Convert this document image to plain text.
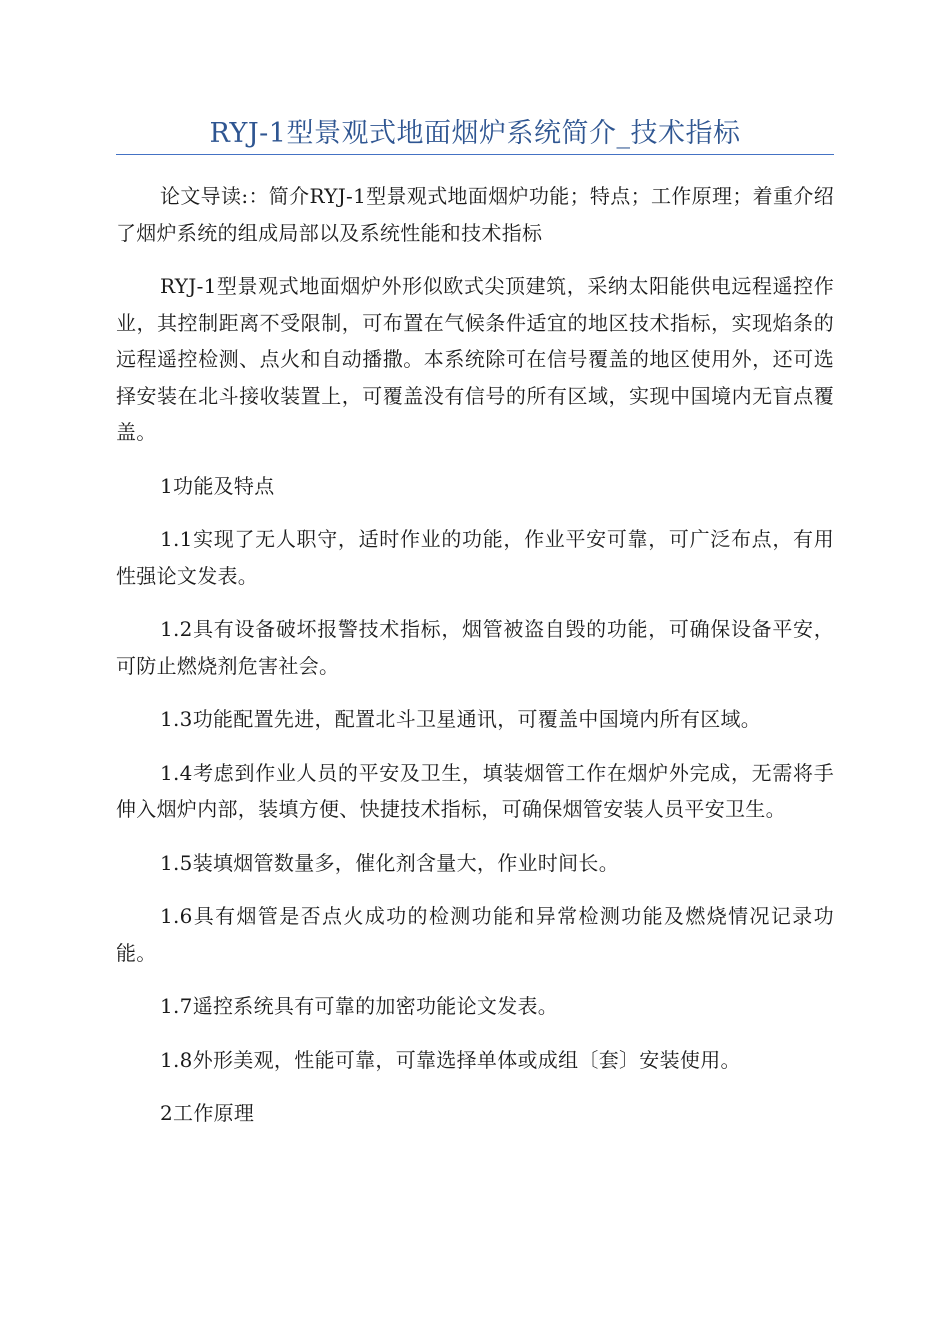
RYJ-1型景观式地面烟炉系统简介_技术指标

论文导读:：简介RYJ-1型景观式地面烟炉功能；特点；工作原理；着重介绍了烟炉系统的组成局部以及系统性能和技术指标

RYJ-1型景观式地面烟炉外形似欧式尖顶建筑，采纳太阳能供电远程遥控作业，其控制距离不受限制，可布置在气候条件适宜的地区技术指标，实现焰条的远程遥控检测、点火和自动播撒。本系统除可在信号覆盖的地区使用外，还可选择安装在北斗接收装置上，可覆盖没有信号的所有区域，实现中国境内无盲点覆盖。

1功能及特点

1.1实现了无人职守，适时作业的功能，作业平安可靠，可广泛布点，有用性强论文发表。

1.2具有设备破坏报警技术指标，烟管被盗自毁的功能，可确保设备平安，可防止燃烧剂危害社会。

1.3功能配置先进，配置北斗卫星通讯，可覆盖中国境内所有区域。

1.4考虑到作业人员的平安及卫生，填装烟管工作在烟炉外完成，无需将手伸入烟炉内部，装填方便、快捷技术指标，可确保烟管安装人员平安卫生。

1.5装填烟管数量多，催化剂含量大，作业时间长。

1.6具有烟管是否点火成功的检测功能和异常检测功能及燃烧情况记录功能。

1.7遥控系统具有可靠的加密功能论文发表。

1.8外形美观，性能可靠，可靠选择单体或成组〔套〕安装使用。

2工作原理
